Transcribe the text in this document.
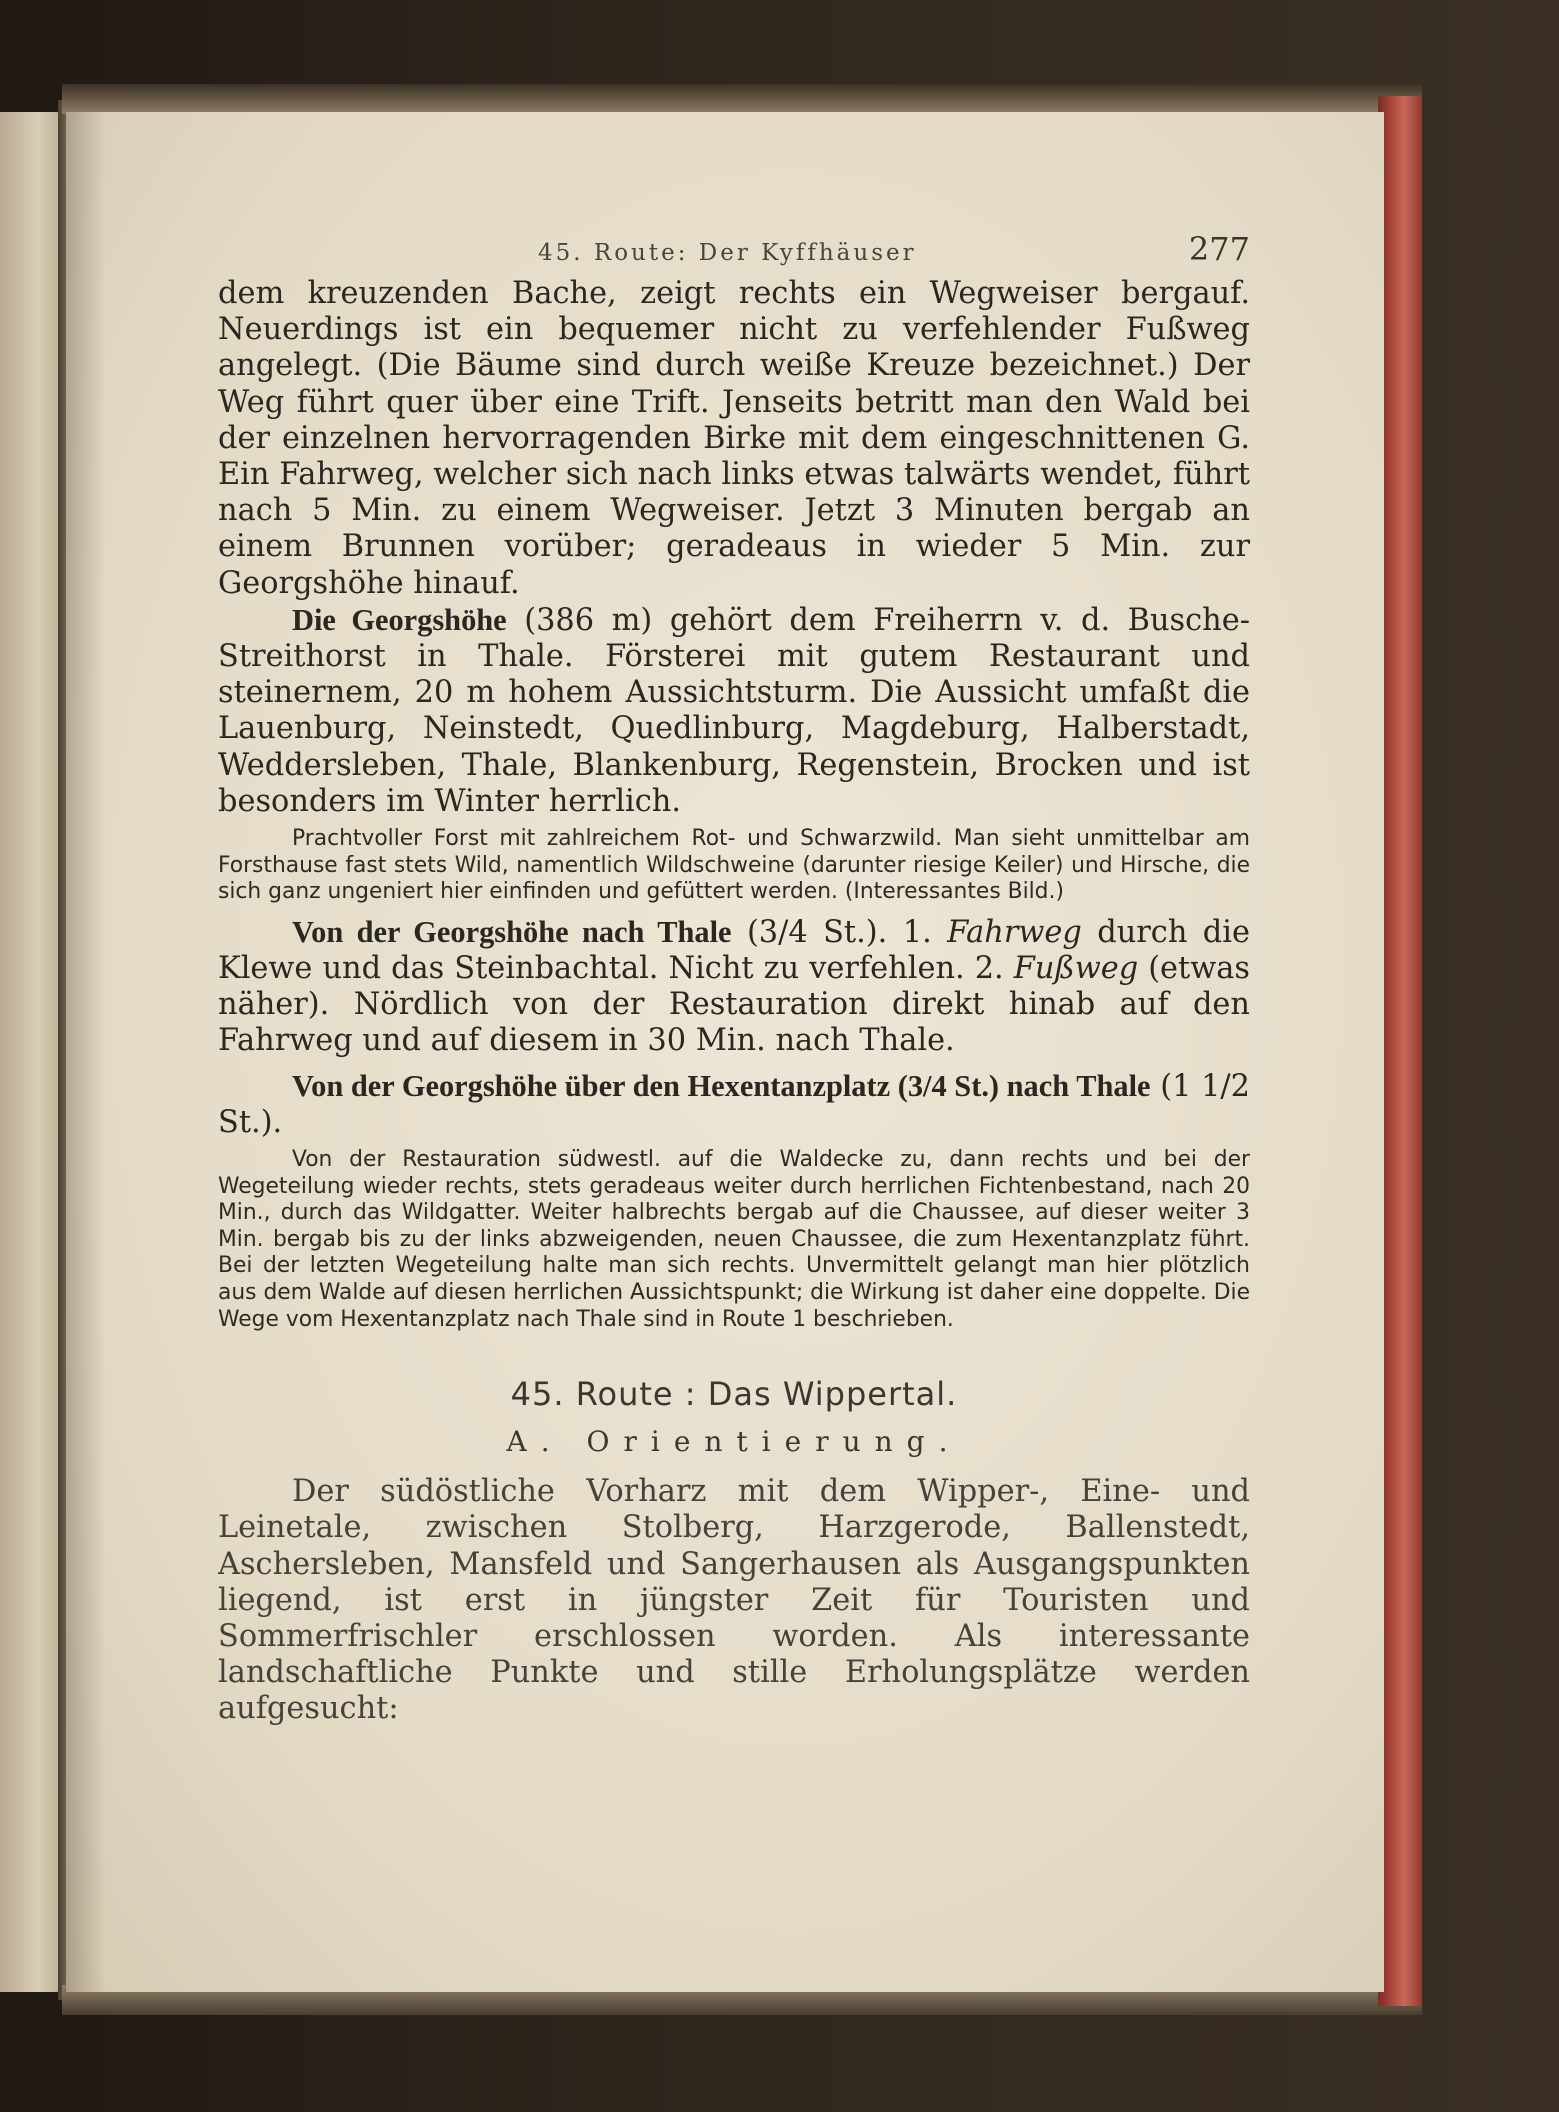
45. Route: Der Kyffhäuser	277

dem kreuzenden Bache, zeigt rechts ein Wegweiser bergauf. Neuerdings ist ein bequemer nicht zu verfehlender Fußweg angelegt. (Die Bäume sind durch weiße Kreuze bezeichnet.) Der Weg führt quer über eine Trift. Jenseits betritt man den Wald bei der einzelnen hervorragenden Birke mit dem eingeschnittenen G. Ein Fahrweg, welcher sich nach links etwas talwärts wendet, führt nach 5 Min. zu einem Wegweiser. Jetzt 3 Minuten bergab an einem Brunnen vorüber; geradeaus in wieder 5 Min. zur Georgshöhe hinauf.

Die Georgshöhe (386 m) gehört dem Freiherrn v. d. Busche-Streithorst in Thale. Försterei mit gutem Restaurant und steinernem, 20 m hohem Aussichtsturm. Die Aussicht umfaßt die Lauenburg, Neinstedt, Quedlinburg, Magdeburg, Halberstadt, Weddersleben, Thale, Blankenburg, Regenstein, Brocken und ist besonders im Winter herrlich.

Prachtvoller Forst mit zahlreichem Rot- und Schwarzwild. Man sieht unmittelbar am Forsthause fast stets Wild, namentlich Wildschweine (darunter riesige Keiler) und Hirsche, die sich ganz ungeniert hier einfinden und gefüttert werden. (Interessantes Bild.)

Von der Georgshöhe nach Thale (3/4 St.). 1. Fahrweg durch die Klewe und das Steinbachtal. Nicht zu verfehlen. 2. Fußweg (etwas näher). Nördlich von der Restauration direkt hinab auf den Fahrweg und auf diesem in 30 Min. nach Thale.

Von der Georgshöhe über den Hexentanzplatz (3/4 St.) nach Thale (1 1/2 St.).

Von der Restauration südwestl. auf die Waldecke zu, dann rechts und bei der Wegeteilung wieder rechts, stets geradeaus weiter durch herrlichen Fichtenbestand, nach 20 Min., durch das Wildgatter. Weiter halbrechts bergab auf die Chaussee, auf dieser weiter 3 Min. bergab bis zu der links abzweigenden, neuen Chaussee, die zum Hexentanzplatz führt. Bei der letzten Wegeteilung halte man sich rechts. Unvermittelt gelangt man hier plötzlich aus dem Walde auf diesen herrlichen Aussichtspunkt; die Wirkung ist daher eine doppelte. Die Wege vom Hexentanzplatz nach Thale sind in Route 1 beschrieben.

45. Route : Das Wippertal.
A. Orientierung.

Der südöstliche Vorharz mit dem Wipper-, Eine- und Leinetale, zwischen Stolberg, Harzgerode, Ballenstedt, Aschersleben, Mansfeld und Sangerhausen als Ausgangspunkten liegend, ist erst in jüngster Zeit für Touristen und Sommerfrischler erschlossen worden. Als interessante landschaftliche Punkte und stille Erholungsplätze werden aufgesucht:
